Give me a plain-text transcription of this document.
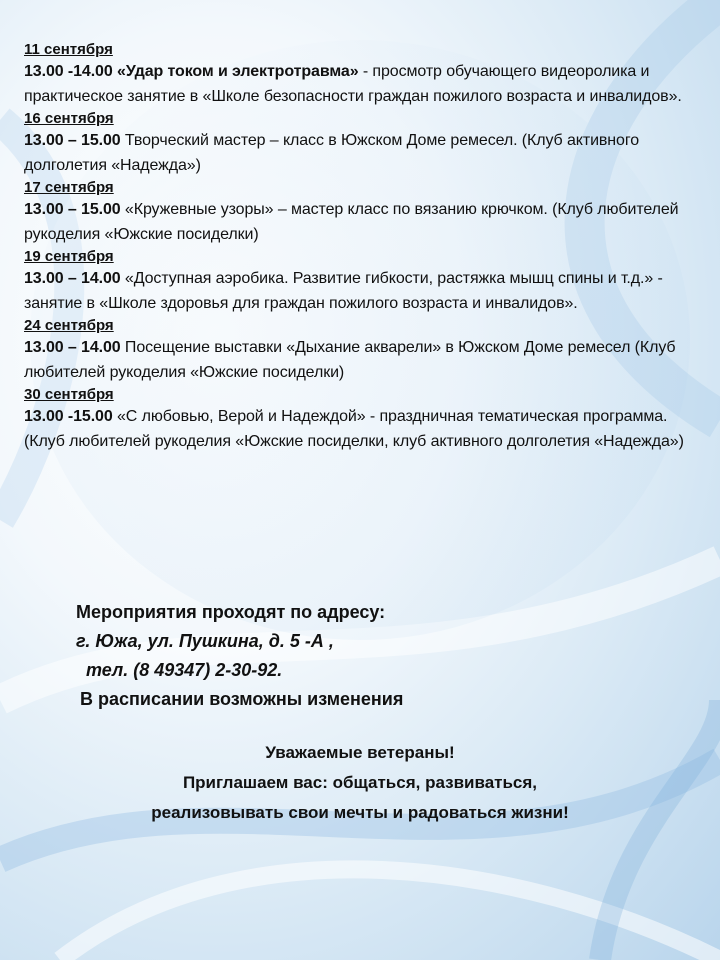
11 сентября

13.00 -14.00 «Удар током и электротравма» - просмотр обучающего видеоролика и практическое занятие в «Школе безопасности граждан пожилого возраста и инвалидов».

16 сентября

13.00 – 15.00 Творческий мастер – класс в Южском Доме ремесел. (Клуб активного долголетия «Надежда»)

17 сентября

13.00 – 15.00 «Кружевные узоры» – мастер класс по вязанию крючком. (Клуб любителей рукоделия «Южские посиделки)

19 сентября

13.00 – 14.00 «Доступная аэробика. Развитие гибкости, растяжка мышц спины и т.д.» - занятие в «Школе здоровья для граждан пожилого возраста и инвалидов».

24 сентября

13.00 – 14.00 Посещение выставки «Дыхание акварели» в Южском Доме ремесел (Клуб любителей рукоделия «Южские посиделки)

30 сентября

13.00 -15.00 «С любовью, Верой и Надеждой» - праздничная тематическая программа. (Клуб любителей рукоделия «Южские посиделки, клуб активного долголетия «Надежда»)

Мероприятия проходят по адресу:

г. Южа, ул. Пушкина, д. 5 -А ,

тел. (8 49347) 2-30-92.

В расписании возможны изменения

Уважаемые ветераны!

Приглашаем вас: общаться, развиваться,

реализовывать свои мечты и радоваться жизни!
